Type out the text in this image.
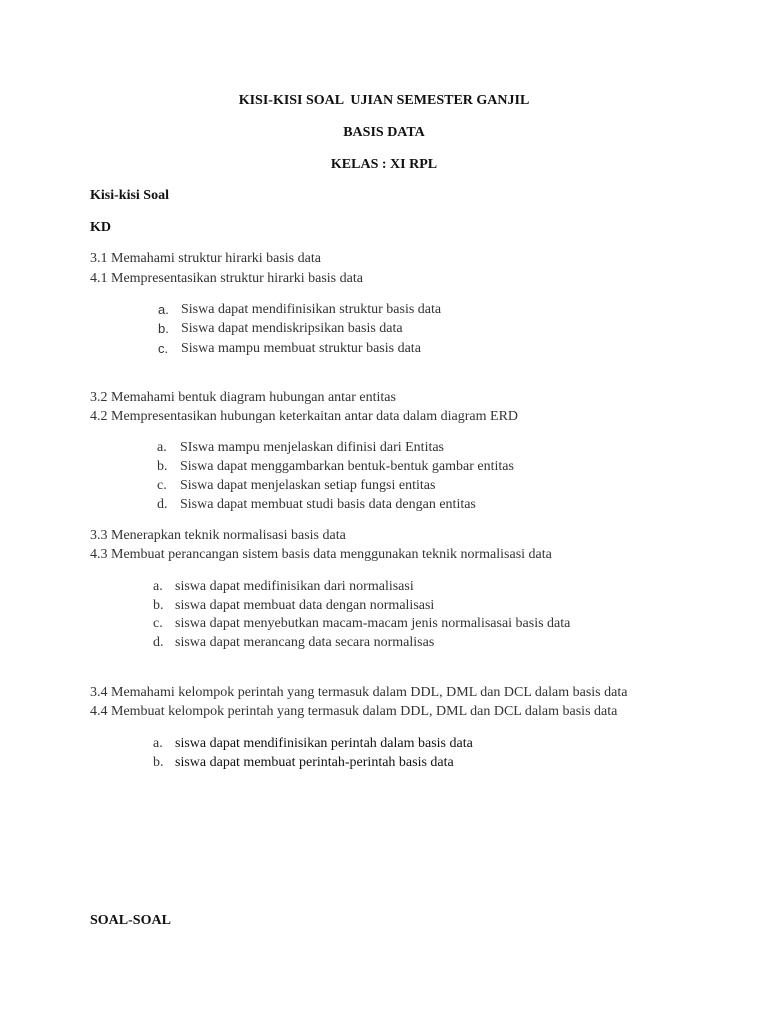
KISI-KISI SOAL  UJIAN SEMESTER GANJIL
BASIS DATA
KELAS : XI RPL
Kisi-kisi Soal
KD
3.1 Memahami struktur hirarki basis data
4.1 Mempresentasikan struktur hirarki basis data
a. Siswa dapat mendifinisikan struktur basis data
b. Siswa dapat mendiskripsikan basis data
c. Siswa mampu membuat struktur basis data
3.2 Memahami bentuk diagram hubungan antar entitas
4.2 Mempresentasikan hubungan keterkaitan antar data dalam diagram ERD
a. SIswa mampu menjelaskan difinisi dari Entitas
b. Siswa dapat menggambarkan bentuk-bentuk gambar entitas
c. Siswa dapat menjelaskan setiap fungsi entitas
d. Siswa dapat membuat studi basis data dengan entitas
3.3 Menerapkan teknik normalisasi basis data
4.3 Membuat perancangan sistem basis data menggunakan teknik normalisasi data
a. siswa dapat medifinisikan dari normalisasi
b. siswa dapat membuat data dengan normalisasi
c. siswa dapat menyebutkan macam-macam jenis normalisasai basis data
d. siswa dapat merancang data secara normalisas
3.4 Memahami kelompok perintah yang termasuk dalam DDL, DML dan DCL dalam basis data
4.4 Membuat kelompok perintah yang termasuk dalam DDL, DML dan DCL dalam basis data
a. siswa dapat mendifinisikan perintah dalam basis data
b. siswa dapat membuat perintah-perintah basis data
SOAL-SOAL
